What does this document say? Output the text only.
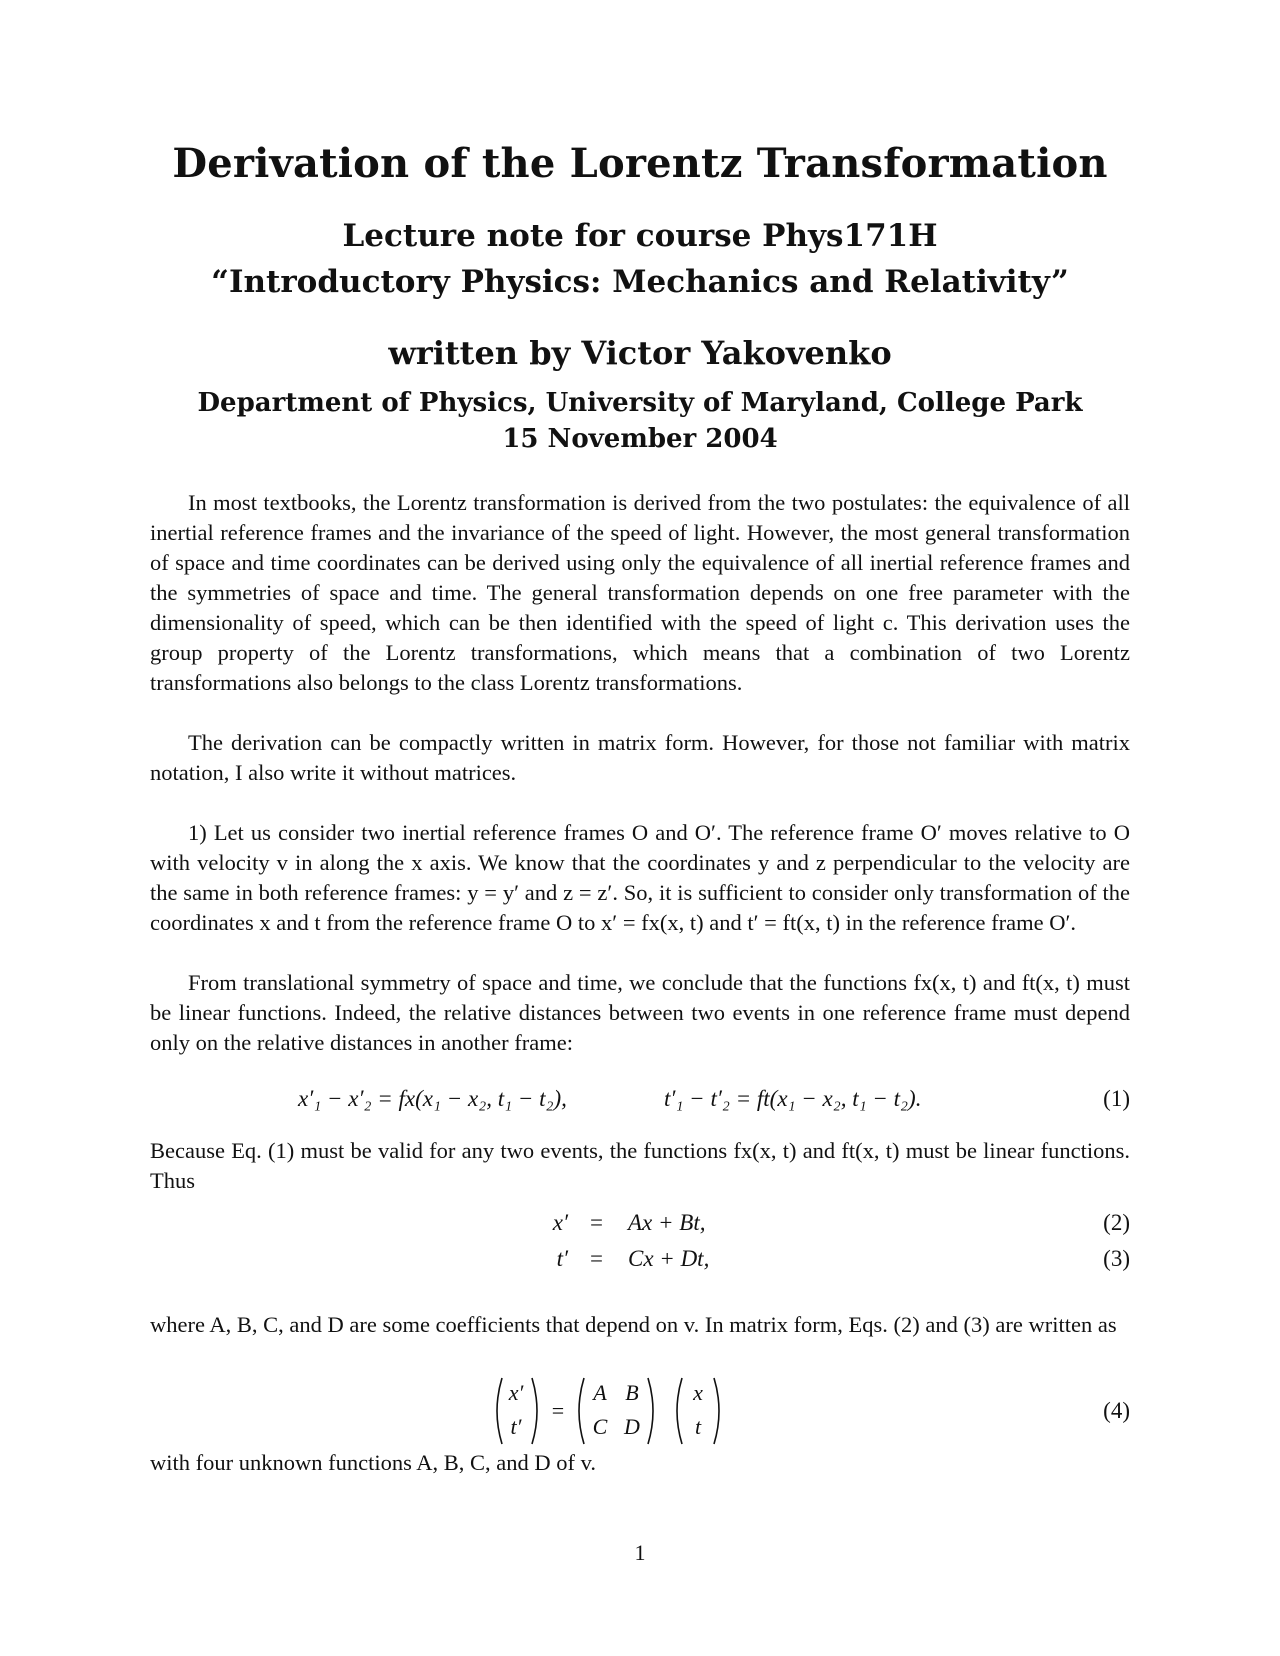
Derivation of the Lorentz Transformation
Lecture note for course Phys171H
“Introductory Physics: Mechanics and Relativity”
written by Victor Yakovenko
Department of Physics, University of Maryland, College Park
15 November 2004
In most textbooks, the Lorentz transformation is derived from the two postulates: the equivalence of all inertial reference frames and the invariance of the speed of light. However, the most general transformation of space and time coordinates can be derived using only the equivalence of all inertial reference frames and the symmetries of space and time. The general transformation depends on one free parameter with the dimensionality of speed, which can be then identified with the speed of light c. This derivation uses the group property of the Lorentz transformations, which means that a combination of two Lorentz transformations also belongs to the class Lorentz transformations.
The derivation can be compactly written in matrix form. However, for those not familiar with matrix notation, I also write it without matrices.
1) Let us consider two inertial reference frames O and O′. The reference frame O′ moves relative to O with velocity v in along the x axis. We know that the coordinates y and z perpendicular to the velocity are the same in both reference frames: y = y′ and z = z′. So, it is sufficient to consider only transformation of the coordinates x and t from the reference frame O to x′ = fx(x, t) and t′ = ft(x, t) in the reference frame O′.
From translational symmetry of space and time, we conclude that the functions fx(x, t) and ft(x, t) must be linear functions. Indeed, the relative distances between two events in one reference frame must depend only on the relative distances in another frame:
x′₁ − x′₂ = fx(x₁ − x₂, t₁ − t₂),	t′₁ − t′₂ = ft(x₁ − x₂, t₁ − t₂).	(1)
Because Eq. (1) must be valid for any two events, the functions fx(x, t) and ft(x, t) must be linear functions. Thus
x′ = Ax + Bt,	(2)
t′ = Cx + Dt,	(3)
where A, B, C, and D are some coefficients that depend on v. In matrix form, Eqs. (2) and (3) are written as
x′
t′
=
A B
C D
x
t
(4)
with four unknown functions A, B, C, and D of v.
1
